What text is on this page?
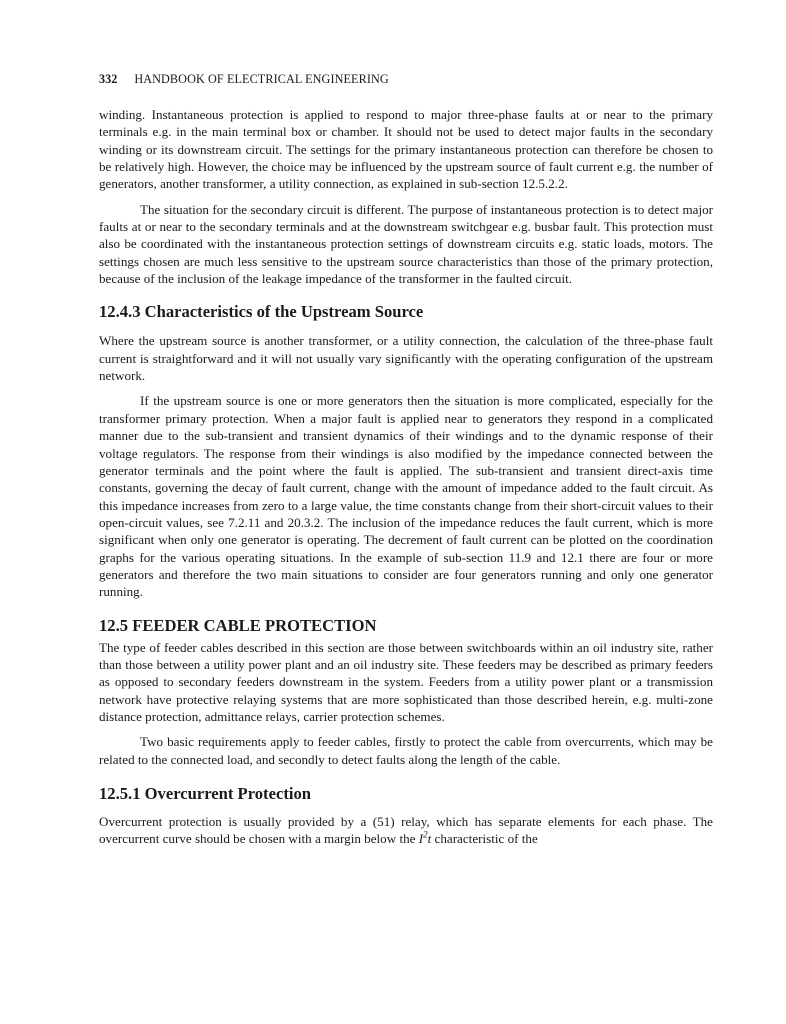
332 HANDBOOK OF ELECTRICAL ENGINEERING

winding. Instantaneous protection is applied to respond to major three-phase faults at or near to the primary terminals e.g. in the main terminal box or chamber. It should not be used to detect major faults in the secondary winding or its downstream circuit. The settings for the primary instantaneous protection can therefore be chosen to be relatively high. However, the choice may be influenced by the upstream source of fault current e.g. the number of generators, another transformer, a utility connection, as explained in sub-section 12.5.2.2.

The situation for the secondary circuit is different. The purpose of instantaneous protection is to detect major faults at or near to the secondary terminals and at the downstream switchgear e.g. busbar fault. This protection must also be coordinated with the instantaneous protection settings of downstream circuits e.g. static loads, motors. The settings chosen are much less sensitive to the upstream source characteristics than those of the primary protection, because of the inclusion of the leakage impedance of the transformer in the faulted circuit.

12.4.3 Characteristics of the Upstream Source

Where the upstream source is another transformer, or a utility connection, the calculation of the three-phase fault current is straightforward and it will not usually vary significantly with the operating configuration of the upstream network.

If the upstream source is one or more generators then the situation is more complicated, especially for the transformer primary protection. When a major fault is applied near to generators they respond in a complicated manner due to the sub-transient and transient dynamics of their windings and to the dynamic response of their voltage regulators. The response from their windings is also modified by the impedance connected between the generator terminals and the point where the fault is applied. The sub-transient and transient direct-axis time constants, governing the decay of fault current, change with the amount of impedance added to the fault circuit. As this impedance increases from zero to a large value, the time constants change from their short-circuit values to their open-circuit values, see 7.2.11 and 20.3.2. The inclusion of the impedance reduces the fault current, which is more significant when only one generator is operating. The decrement of fault current can be plotted on the coordination graphs for the various operating situations. In the example of sub-section 11.9 and 12.1 there are four or more generators and therefore the two main situations to consider are four generators running and only one generator running.

12.5 FEEDER CABLE PROTECTION

The type of feeder cables described in this section are those between switchboards within an oil industry site, rather than those between a utility power plant and an oil industry site. These feeders may be described as primary feeders as opposed to secondary feeders downstream in the system. Feeders from a utility power plant or a transmission network have protective relaying systems that are more sophisticated than those described herein, e.g. multi-zone distance protection, admittance relays, carrier protection schemes.

Two basic requirements apply to feeder cables, firstly to protect the cable from overcurrents, which may be related to the connected load, and secondly to detect faults along the length of the cable.

12.5.1 Overcurrent Protection

Overcurrent protection is usually provided by a (51) relay, which has separate elements for each phase. The overcurrent curve should be chosen with a margin below the $I^2t$ characteristic of the
